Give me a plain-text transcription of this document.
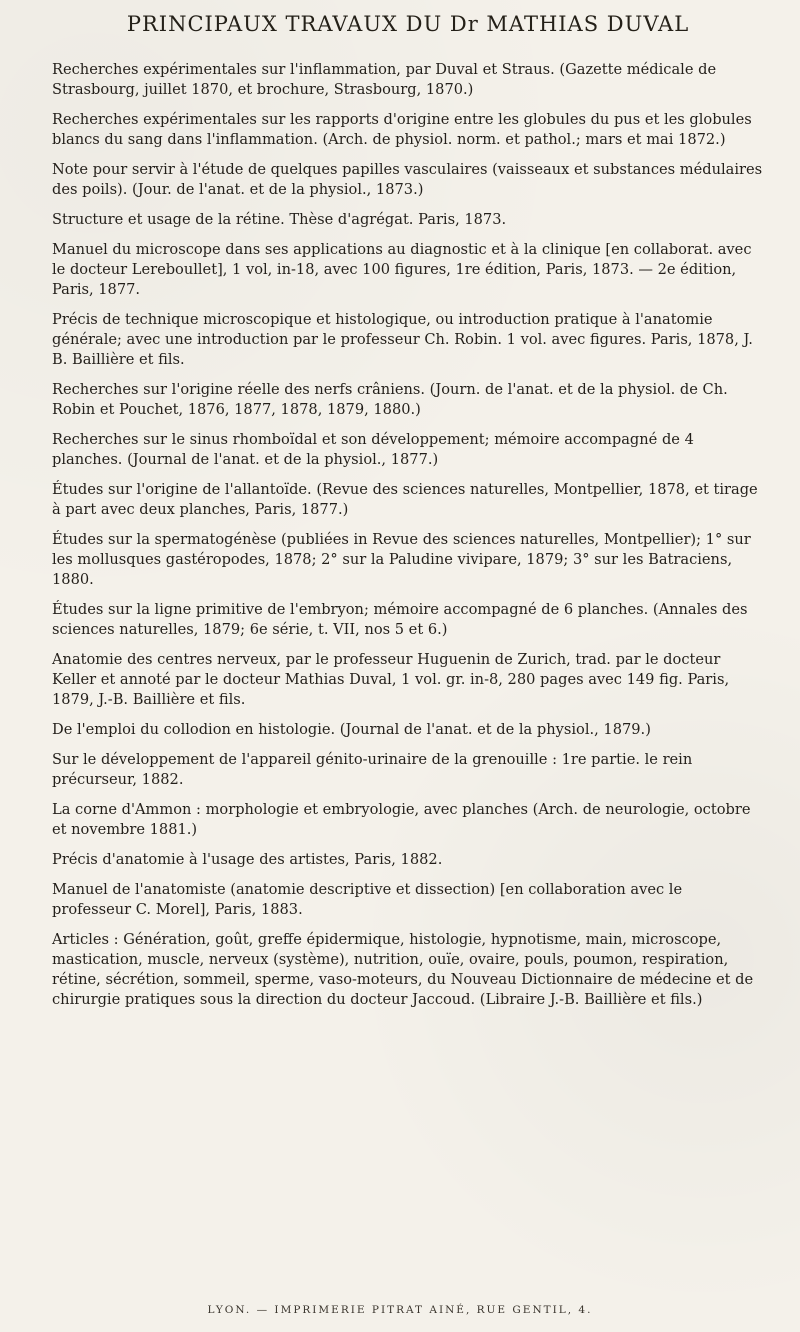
PRINCIPAUX TRAVAUX DU Dr MATHIAS DUVAL

Recherches expérimentales sur l'inflammation, par Duval et Straus. (Gazette médicale de Strasbourg, juillet 1870, et brochure, Strasbourg, 1870.)

Recherches expérimentales sur les rapports d'origine entre les globules du pus et les globules blancs du sang dans l'inflammation. (Arch. de physiol. norm. et pathol.; mars et mai 1872.)

Note pour servir à l'étude de quelques papilles vasculaires (vaisseaux et substances médulaires des poils). (Jour. de l'anat. et de la physiol., 1873.)

Structure et usage de la rétine. Thèse d'agrégat. Paris, 1873.

Manuel du microscope dans ses applications au diagnostic et à la clinique [en collaborat. avec le docteur Lereboullet], 1 vol, in-18, avec 100 figures, 1re édition, Paris, 1873. — 2e édition, Paris, 1877.

Précis de technique microscopique et histologique, ou introduction pratique à l'anatomie générale; avec une introduction par le professeur Ch. Robin. 1 vol. avec figures. Paris, 1878, J. B. Baillière et fils.

Recherches sur l'origine réelle des nerfs crâniens. (Journ. de l'anat. et de la physiol. de Ch. Robin et Pouchet, 1876, 1877, 1878, 1879, 1880.)

Recherches sur le sinus rhomboïdal et son développement; mémoire accompagné de 4 planches. (Journal de l'anat. et de la physiol., 1877.)

Études sur l'origine de l'allantoïde. (Revue des sciences naturelles, Montpellier, 1878, et tirage à part avec deux planches, Paris, 1877.)

Études sur la spermatogénèse (publiées in Revue des sciences naturelles, Montpellier); 1° sur les mollusques gastéropodes, 1878; 2° sur la Paludine vivipare, 1879; 3° sur les Batraciens, 1880.

Études sur la ligne primitive de l'embryon; mémoire accompagné de 6 planches. (Annales des sciences naturelles, 1879; 6e série, t. VII, nos 5 et 6.)

Anatomie des centres nerveux, par le professeur Huguenin de Zurich, trad. par le docteur Keller et annoté par le docteur Mathias Duval, 1 vol. gr. in-8, 280 pages avec 149 fig. Paris, 1879, J.-B. Baillière et fils.

De l'emploi du collodion en histologie. (Journal de l'anat. et de la physiol., 1879.)

Sur le développement de l'appareil génito-urinaire de la grenouille : 1re partie. le rein précurseur, 1882.

La corne d'Ammon : morphologie et embryologie, avec planches (Arch. de neurologie, octobre et novembre 1881.)

Précis d'anatomie à l'usage des artistes, Paris, 1882.

Manuel de l'anatomiste (anatomie descriptive et dissection) [en collaboration avec le professeur C. Morel], Paris, 1883.

Articles : Génération, goût, greffe épidermique, histologie, hypnotisme, main, microscope, mastication, muscle, nerveux (système), nutrition, ouïe, ovaire, pouls, poumon, respiration, rétine, sécrétion, sommeil, sperme, vaso-moteurs, du Nouveau Dictionnaire de médecine et de chirurgie pratiques sous la direction du docteur Jaccoud. (Libraire J.-B. Baillière et fils.)

LYON. — IMPRIMERIE PITRAT AINÉ, RUE GENTIL, 4.
